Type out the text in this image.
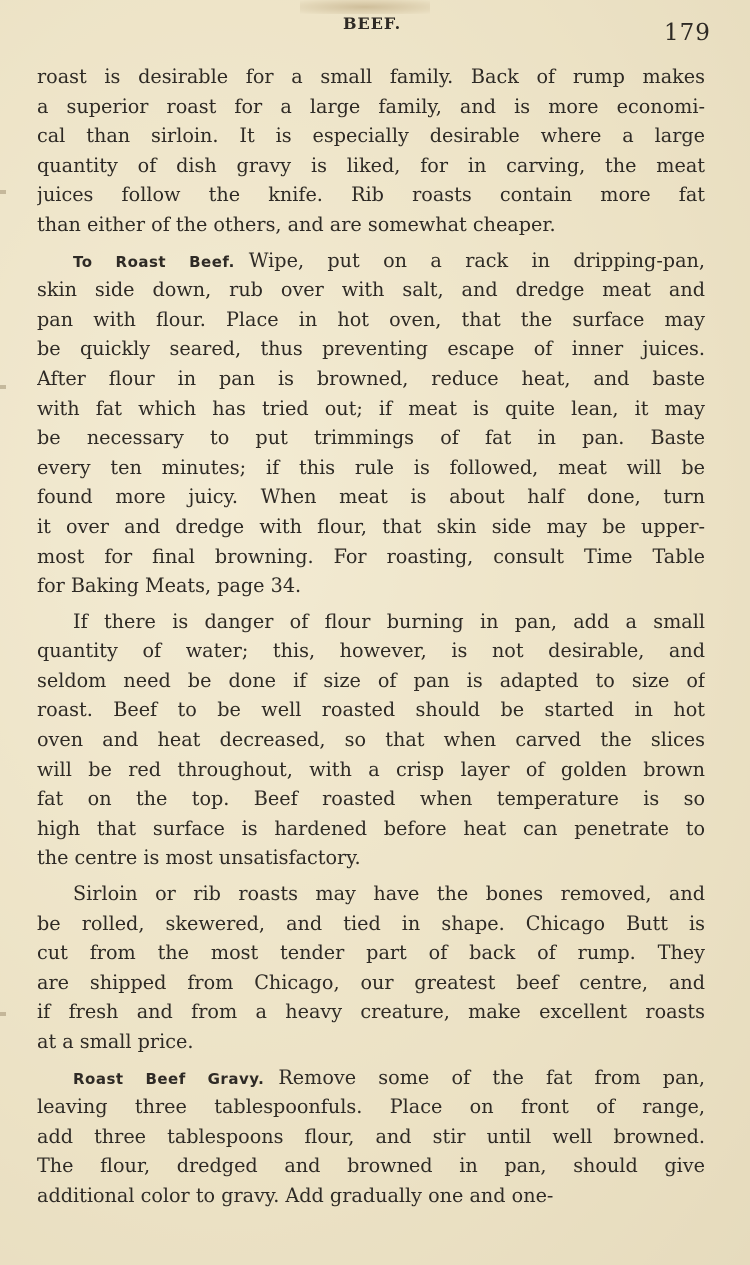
BEEF.	179
roast is desirable for a small family. Back of rump makes
a superior roast for a large family, and is more economi-
cal than sirloin. It is especially desirable where a large
quantity of dish gravy is liked, for in carving, the meat
juices follow the knife. Rib roasts contain more fat
than either of the others, and are somewhat cheaper.
To Roast Beef. Wipe, put on a rack in dripping-pan,
skin side down, rub over with salt, and dredge meat and
pan with flour. Place in hot oven, that the surface may
be quickly seared, thus preventing escape of inner juices.
After flour in pan is browned, reduce heat, and baste
with fat which has tried out; if meat is quite lean, it may
be necessary to put trimmings of fat in pan. Baste
every ten minutes; if this rule is followed, meat will be
found more juicy. When meat is about half done, turn
it over and dredge with flour, that skin side may be upper-
most for final browning. For roasting, consult Time Table
for Baking Meats, page 34.
If there is danger of flour burning in pan, add a small
quantity of water; this, however, is not desirable, and
seldom need be done if size of pan is adapted to size of
roast. Beef to be well roasted should be started in hot
oven and heat decreased, so that when carved the slices
will be red throughout, with a crisp layer of golden brown
fat on the top. Beef roasted when temperature is so
high that surface is hardened before heat can penetrate to
the centre is most unsatisfactory.
Sirloin or rib roasts may have the bones removed, and
be rolled, skewered, and tied in shape. Chicago Butt is
cut from the most tender part of back of rump. They
are shipped from Chicago, our greatest beef centre, and
if fresh and from a heavy creature, make excellent roasts
at a small price.
Roast Beef Gravy. Remove some of the fat from pan,
leaving three tablespoonfuls. Place on front of range,
add three tablespoons flour, and stir until well browned.
The flour, dredged and browned in pan, should give
additional color to gravy. Add gradually one and one-
